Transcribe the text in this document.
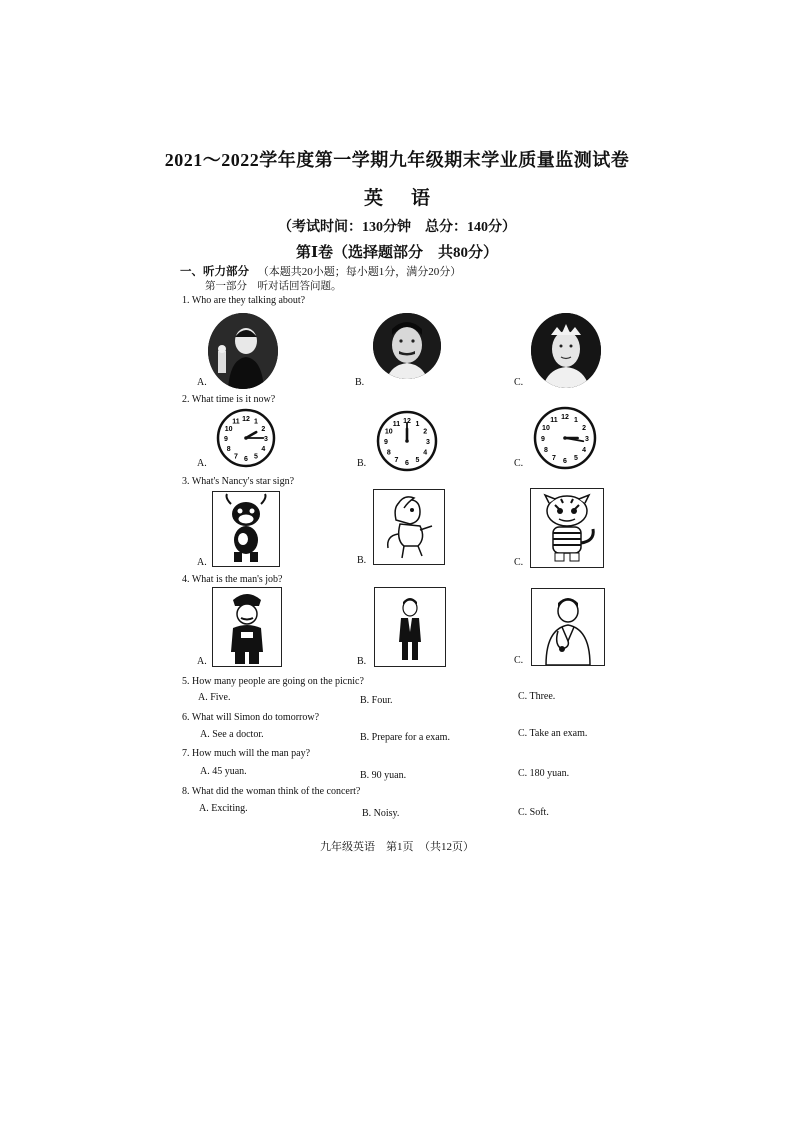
2021～2022学年度第一学期九年级期末学业质量监测试卷
英语
（考试时间：130分钟　总分：140分）
第Ⅰ卷（选择题部分　共80分）
一、听力部分 （本题共20小题；每小题1分，满分20分）
第一部分　听对话回答问题。
1. Who are they talking about?
A.	B.	C.
2. What time is it now?
A.	B.	C.
12 1
2
3
4
5
6
7
8
9
10
11	12 1
2
3
4
5
6
7
8
9
10
11
12 1
2
3
4
5
6
7
8
9
10
11
3. What's Nancy's star sign?
A.	B.	C.
4. What is the man's job?
A.	B.	C.
5. How many people are going on the picnic?
A. Five.	B. Four.	C. Three.
6. What will Simon do tomorrow?
A. See a doctor.	B. Prepare for a exam.	C. Take an exam.
7. How much will the man pay?
A. 45 yuan.	B. 90 yuan.	C. 180 yuan.
8. What did the woman think of the concert?
A. Exciting.	B. Noisy.	C. Soft.
九年级英语　第1页　（共12页）
